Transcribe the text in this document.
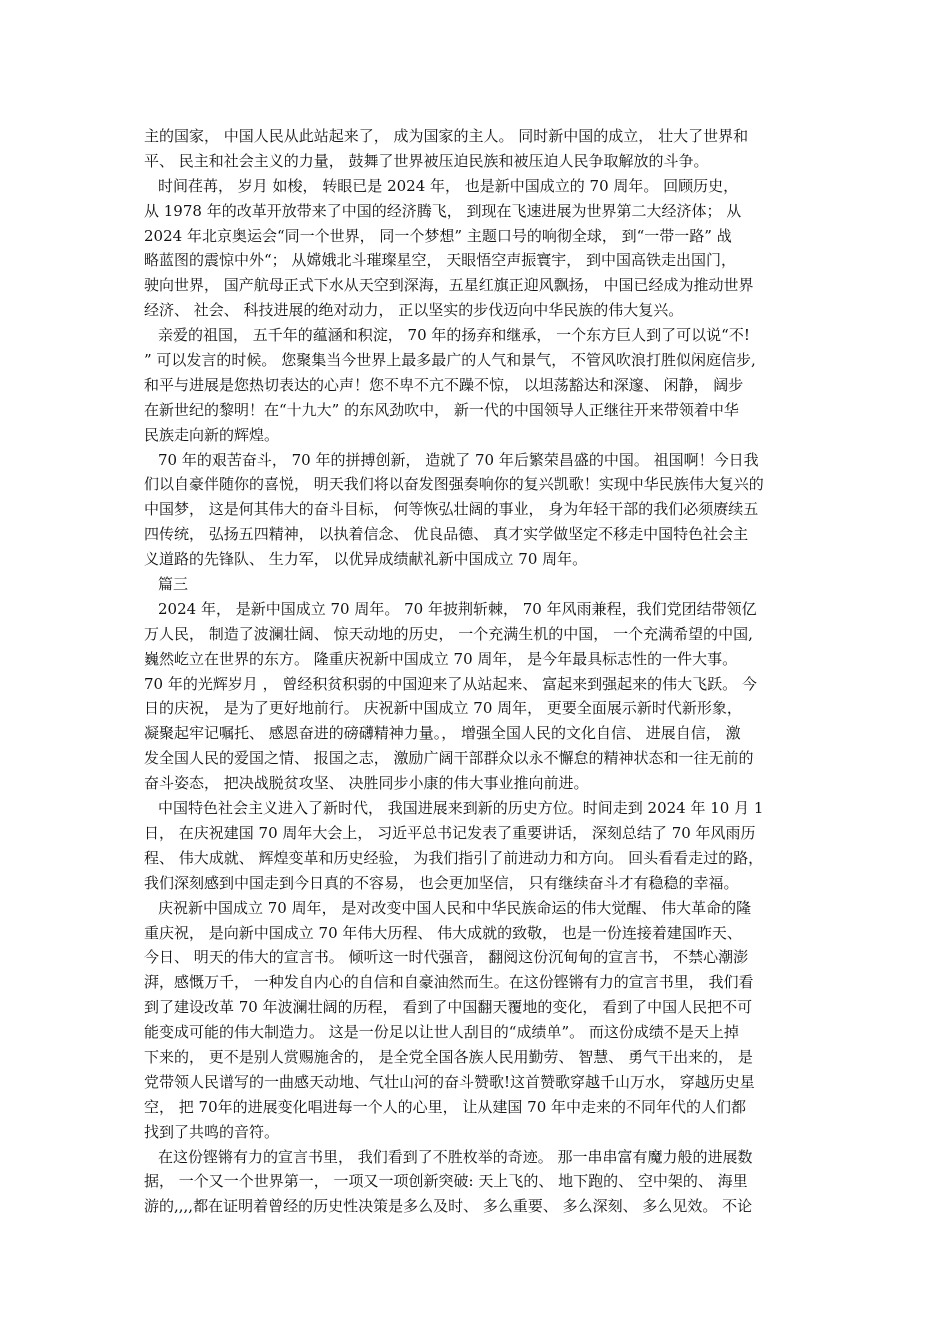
主的国家， 中国人民从此站起来了， 成为国家的主人。 同时新中国的成立， 壮大了世界和
平、 民主和社会主义的力量， 鼓舞了世界被压迫民族和被压迫人民争取解放的斗争。
时间荏苒， 岁月 如梭， 转眼已是 2024 年， 也是新中国成立的 70 周年。 回顾历史，
从 1978 年的改革开放带来了中国的经济腾飞， 到现在飞速进展为世界第二大经济体； 从
2024 年北京奥运会“同一个世界， 同一个梦想” 主题口号的响彻全球， 到“一带一路” 战
略蓝图的震惊中外“； 从嫦娥北斗璀璨星空， 天眼悟空声振寰宇， 到中国高铁走出国门，
驶向世界， 国产航母正式下水从天空到深海，五星红旗正迎风飘扬， 中国已经成为推动世界
经济、 社会、 科技进展的绝对动力， 正以坚实的步伐迈向中华民族的伟大复兴。
亲爱的祖国， 五千年的蕴涵和积淀， 70 年的扬弃和继承， 一个东方巨人到了可以说“不!
” 可以发言的时候。 您聚集当今世界上最多最广的人气和景气， 不管风吹浪打胜似闲庭信步,
和平与进展是您热切表达的心声！您不卑不亢不躁不惊， 以坦荡豁达和深邃、 闲静， 阔步
在新世纪的黎明！在“十九大” 的东风劲吹中， 新一代的中国领导人正继往开来带领着中华
民族走向新的辉煌。
70 年的艰苦奋斗， 70 年的拼搏创新， 造就了 70 年后繁荣昌盛的中国。 祖国啊！今日我
们以自豪伴随你的喜悦， 明天我们将以奋发图强奏响你的复兴凯歌！实现中华民族伟大复兴的
中国梦， 这是何其伟大的奋斗目标， 何等恢弘壮阔的事业， 身为年轻干部的我们必须赓续五
四传统， 弘扬五四精神， 以执着信念、 优良品德、 真才实学做坚定不移走中国特色社会主
义道路的先锋队、 生力军， 以优异成绩献礼新中国成立 70 周年。
篇三
2024 年， 是新中国成立 70 周年。 70 年披荆斩棘， 70 年风雨兼程，我们党团结带领亿
万人民， 制造了波澜壮阔、 惊天动地的历史， 一个充满生机的中国， 一个充满希望的中国,
巍然屹立在世界的东方。 隆重庆祝新中国成立 70 周年， 是今年最具标志性的一件大事。
70 年的光辉岁月 ， 曾经积贫积弱的中国迎来了从站起来、 富起来到强起来的伟大飞跃。 今
日的庆祝， 是为了更好地前行。 庆祝新中国成立 70 周年， 更要全面展示新时代新形象，
凝聚起牢记嘱托、 感恩奋进的磅礴精神力量。， 增强全国人民的文化自信、 进展自信， 激
发全国人民的爱国之情、 报国之志， 激励广阔干部群众以永不懈怠的精神状态和一往无前的
奋斗姿态， 把决战脱贫攻坚、 决胜同步小康的伟大事业推向前进。
中国特色社会主义进入了新时代， 我国进展来到新的历史方位。时间走到 2024 年 10 月 1
日， 在庆祝建国 70 周年大会上， 习近平总书记发表了重要讲话， 深刻总结了 70 年风雨历
程、 伟大成就、 辉煌变革和历史经验， 为我们指引了前进动力和方向。 回头看看走过的路，
我们深刻感到中国走到今日真的不容易， 也会更加坚信， 只有继续奋斗才有稳稳的幸福。
庆祝新中国成立 70 周年， 是对改变中国人民和中华民族命运的伟大觉醒、 伟大革命的隆
重庆祝， 是向新中国成立 70 年伟大历程、 伟大成就的致敬， 也是一份连接着建国昨天、
今日、 明天的伟大的宣言书。 倾听这一时代强音， 翻阅这份沉甸甸的宣言书， 不禁心潮澎
湃，感慨万千， 一种发自内心的自信和自豪油然而生。在这份铿锵有力的宣言书里， 我们看
到了建设改革 70 年波澜壮阔的历程， 看到了中国翻天覆地的变化， 看到了中国人民把不可
能变成可能的伟大制造力。 这是一份足以让世人刮目的“成绩单”。 而这份成绩不是天上掉
下来的， 更不是别人赏赐施舍的， 是全党全国各族人民用勤劳、 智慧、 勇气干出来的， 是
党带领人民谱写的一曲感天动地、气壮山河的奋斗赞歌!这首赞歌穿越千山万水， 穿越历史星
空， 把 70年的进展变化唱进每一个人的心里， 让从建国 70 年中走来的不同年代的人们都
找到了共鸣的音符。
在这份铿锵有力的宣言书里， 我们看到了不胜枚举的奇迹。 那一串串富有魔力般的进展数
据， 一个又一个世界第一， 一项又一项创新突破: 天上飞的、 地下跑的、 空中架的、 海里
游的,,,,都在证明着曾经的历史性决策是多么及时、 多么重要、 多么深刻、 多么见效。 不论
